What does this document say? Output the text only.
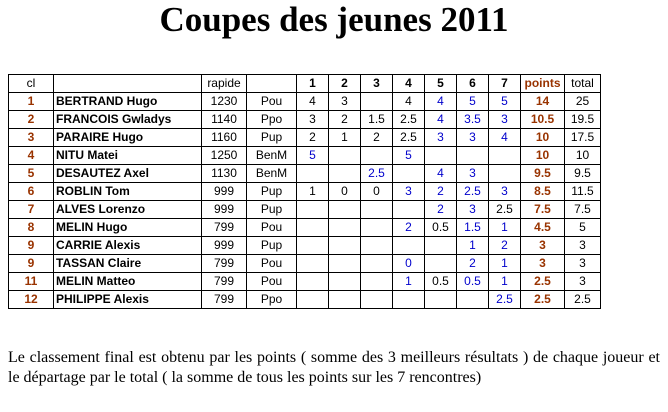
Coupes des jeunes 2011
cl		rapide		1	2	3	4	5	6	7	points	total
1	BERTRAND Hugo	1230	Pou	4	3		4	4	5	5	14	25
2	FRANCOIS Gwladys	1140	Ppo	3	2	1.5	2.5	4	3.5	3	10.5	19.5
3	PARAIRE Hugo	1160	Pup	2	1	2	2.5	3	3	4	10	17.5
4	NITU Matei	1250	BenM	5			5				10	10
5	DESAUTEZ Axel	1130	BenM			2.5		4	3		9.5	9.5
6	ROBLIN Tom	999	Pup	1	0	0	3	2	2.5	3	8.5	11.5
7	ALVES Lorenzo	999	Pup					2	3	2.5	7.5	7.5
8	MELIN Hugo	799	Pou				2	0.5	1.5	1	4.5	5
9	CARRIE Alexis	999	Pup						1	2	3	3
9	TASSAN Claire	799	Pou				0		2	1	3	3
11	MELIN Matteo	799	Pou				1	0.5	0.5	1	2.5	3
12	PHILIPPE Alexis	799	Ppo							2.5	2.5	2.5
Le classement final est obtenu par les points ( somme des 3 meilleurs résultats ) de chaque joueur et le départage par le total ( la somme de tous les points sur les 7 rencontres)
